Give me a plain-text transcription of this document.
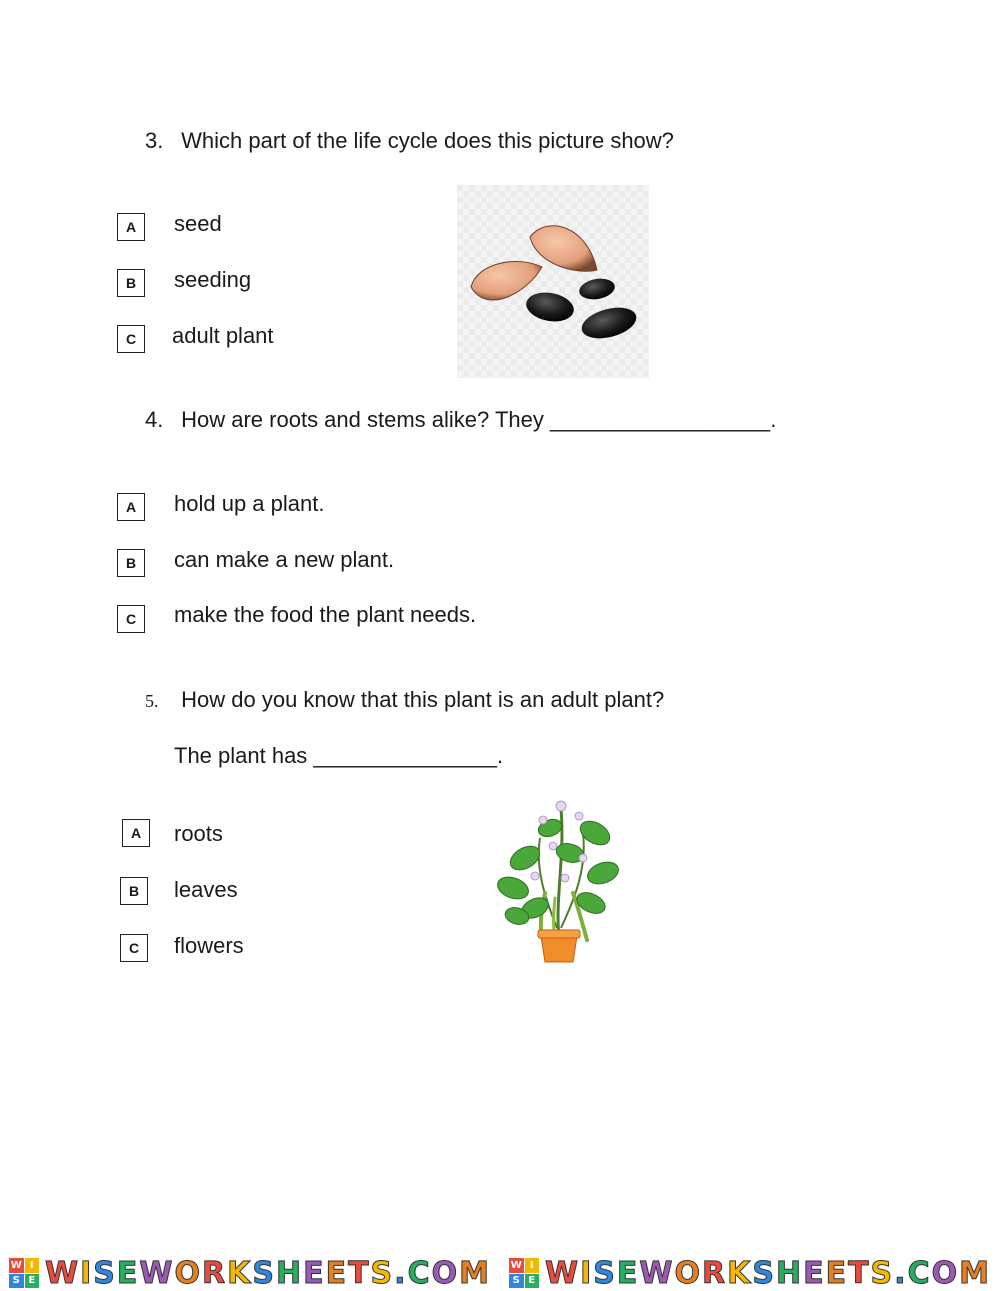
3. Which part of the life cycle does this picture show?
A	seed
B	seeding
C	adult plant
4. How are roots and stems alike? They __________________.
A	hold up a plant.
B	can make a new plant.
C	make the food the plant needs.
5. How do you know that this plant is an adult plant?
The plant has _______________.
A	roots
B	leaves
C	flowers
W I
S E WISEWORKSHEETS.COM W I
S E WISEWORKSHEETS.COM
